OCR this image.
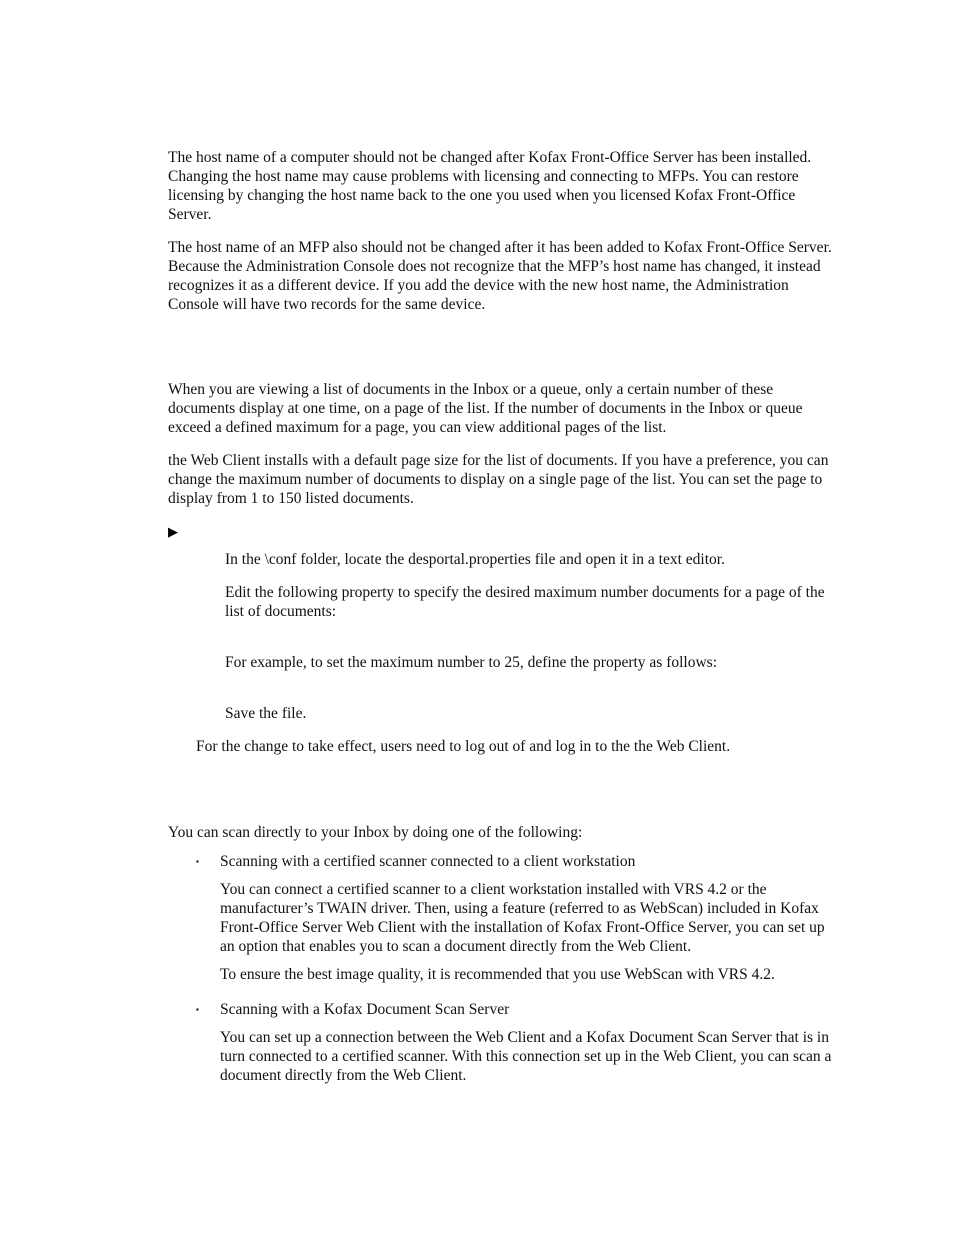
The host name of a computer should not be changed after Kofax Front-Office Server has been installed. Changing the host name may cause problems with licensing and connecting to MFPs. You can restore licensing by changing the host name back to the one you used when you licensed Kofax Front-Office Server.
The host name of an MFP also should not be changed after it has been added to Kofax Front-Office Server. Because the Administration Console does not recognize that the MFP’s host name has changed, it instead recognizes it as a different device. If you add the device with the new host name, the Administration Console will have two records for the same device.
When you are viewing a list of documents in the Inbox or a queue, only a certain number of these documents display at one time, on a page of the list. If the number of documents in the Inbox or queue exceed a defined maximum for a page, you can view additional pages of the list.
the Web Client installs with a default page size for the list of documents. If you have a preference, you can change the maximum number of documents to display on a single page of the list. You can set the page to display from 1 to 150 listed documents.
▶
In the \conf folder, locate the desportal.properties file and open it in a text editor.
Edit the following property to specify the desired maximum number documents for a page of the list of documents:
For example, to set the maximum number to 25, define the property as follows:
Save the file.
For the change to take effect, users need to log out of and log in to the the Web Client.
You can scan directly to your Inbox by doing one of the following:
▪	Scanning with a certified scanner connected to a client workstation
You can connect a certified scanner to a client workstation installed with VRS 4.2 or the manufacturer’s TWAIN driver. Then, using a feature (referred to as WebScan) included in Kofax Front-Office Server Web Client with the installation of Kofax Front-Office Server, you can set up an option that enables you to scan a document directly from the Web Client.
To ensure the best image quality, it is recommended that you use WebScan with VRS 4.2.
▪	Scanning with a Kofax Document Scan Server
You can set up a connection between the Web Client and a Kofax Document Scan Server that is in turn connected to a certified scanner. With this connection set up in the Web Client, you can scan a document directly from the Web Client.
